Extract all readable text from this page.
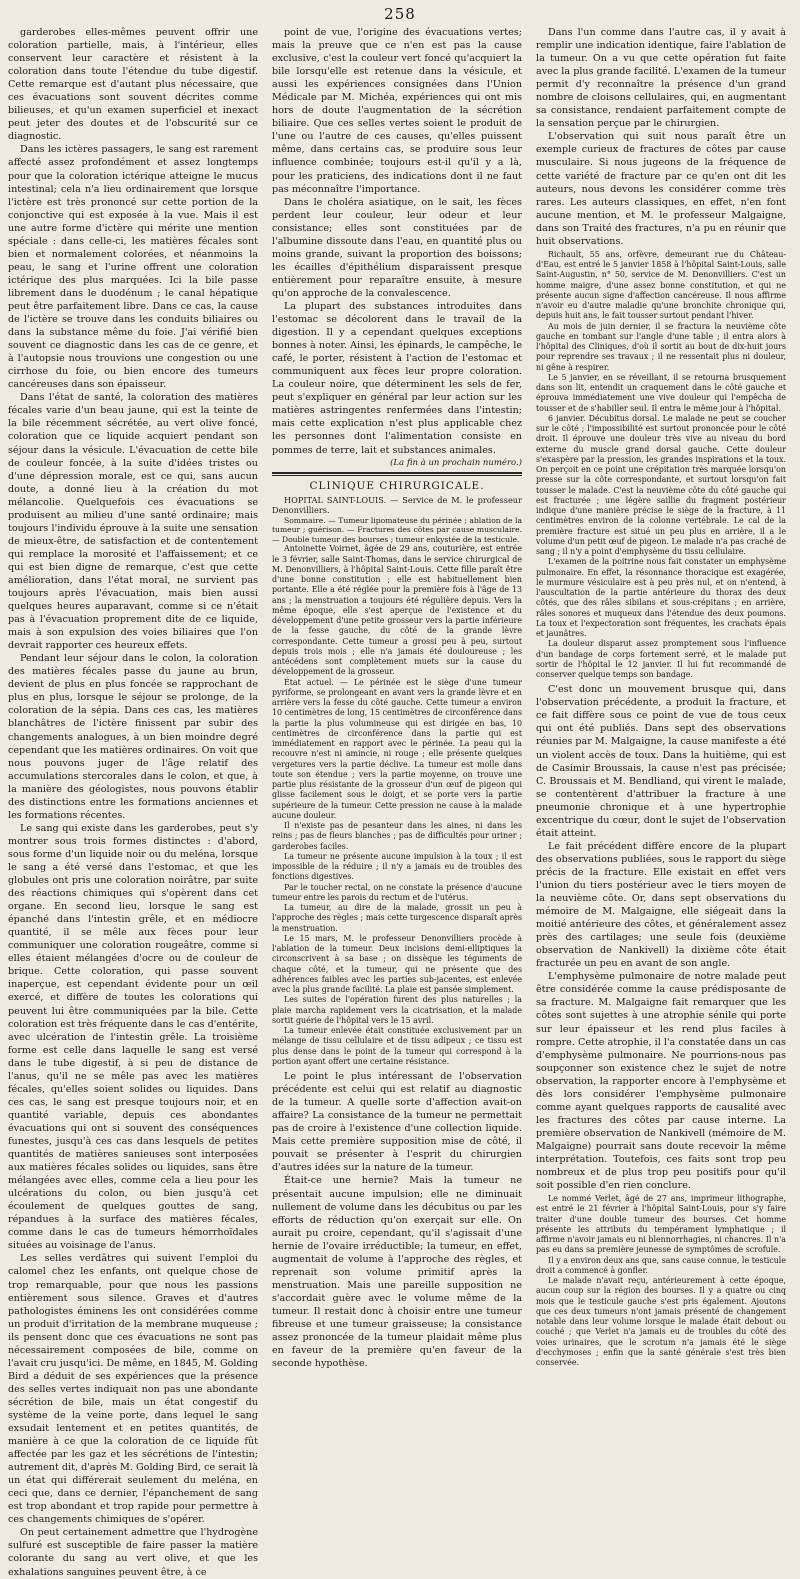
258

garderobes elles-mêmes peuvent offrir une coloration partielle, mais, à l'intérieur, elles conservent leur caractère et résistent à la coloration dans toute l'étendue du tube digestif. Cette remarque est d'autant plus nécessaire, que ces évacuations sont souvent décrites comme bilieuses, et qu'un examen superficiel et inexact peut jeter des doutes et de l'obscurité sur ce diagnostic.

Dans les ictères passagers, le sang est rarement affecté assez profondément et assez longtemps pour que la coloration ictérique atteigne le mucus intestinal; cela n'a lieu ordinairement que lorsque l'ictère est très prononcé sur cette portion de la conjonctive qui est exposée à la vue. Mais il est une autre forme d'ictère qui mérite une mention spéciale : dans celle-ci, les matières fécales sont bien et normalement colorées, et néanmoins la peau, le sang et l'urine offrent une coloration ictérique des plus marquées. Ici la bile passe librement dans le duodénum ; le canal hépatique peut être parfaitement libre. Dans ce cas, la cause de l'ictère se trouve dans les conduits biliaires ou dans la substance même du foie. J'ai vérifié bien souvent ce diagnostic dans les cas de ce genre, et à l'autopsie nous trouvions une congestion ou une cirrhose du foie, ou bien encore des tumeurs cancéreuses dans son épaisseur.

Dans l'état de santé, la coloration des matières fécales varie d'un beau jaune, qui est la teinte de la bile récemment sécrétée, au vert olive foncé, coloration que ce liquide acquiert pendant son séjour dans la vésicule. L'évacuation de cette bile de couleur foncée, à la suite d'idées tristes ou d'une dépression morale, est ce qui, sans aucun doute, a donné lieu à la création du mot mélancolie. Quelquefois ces évacuations se produisent au milieu d'une santé ordinaire; mais toujours l'individu éprouve à la suite une sensation de mieux-être, de satisfaction et de contentement qui remplace la morosité et l'affaissement; et ce qui est bien digne de remarque, c'est que cette amélioration, dans l'état moral, ne survient pas toujours après l'évacuation, mais bien aussi quelques heures auparavant, comme si ce n'était pas à l'évacuation proprement dite de ce liquide, mais à son expulsion des voies biliaires que l'on devrait rapporter ces heureux effets.

Pendant leur séjour dans le colon, la coloration des matières fécales passe du jaune au brun, devient de plus en plus foncée se rapprochant de plus en plus, lorsque le séjour se prolonge, de la coloration de la sépia. Dans ces cas, les matières blanchâtres de l'ictère finissent par subir des changements analogues, à un bien moindre degré cependant que les matières ordinaires. On voit que nous pouvons juger de l'âge relatif des accumulations stercorales dans le colon, et que, à la manière des géologistes, nous pouvons établir des distinctions entre les formations anciennes et les formations récentes.

Le sang qui existe dans les garderobes, peut s'y montrer sous trois formes distinctes : d'abord, sous forme d'un liquide noir ou du meléna, lorsque le sang a été versé dans l'estomac, et que les globules ont pris une coloration noirâtre, par suite des réactions chimiques qui s'opèrent dans cet organe. En second lieu, lorsque le sang est épanché dans l'intestin grêle, et en médiocre quantité, il se mêle aux fèces pour leur communiquer une coloration rougeâtre, comme si elles étaient mélangées d'ocre ou de couleur de brique. Cette coloration, qui passe souvent inaperçue, est cependant évidente pour un œil exercé, et diffère de toutes les colorations qui peuvent lui être communiquées par la bile. Cette coloration est très fréquente dans le cas d'entérite, avec ulcération de l'intestin grêle. La troisième forme est celle dans laquelle le sang est versé dans le tube digestif, à si peu de distance de l'anus, qu'il ne se mêle pas avec les matières fécales, qu'elles soient solides ou liquides. Dans ces cas, le sang est presque toujours noir, et en quantité variable, depuis ces abondantes évacuations qui ont si souvent des conséquences funestes, jusqu'à ces cas dans lesquels de petites quantités de matières sanieuses sont interposées aux matières fécales solides ou liquides, sans être mélangées avec elles, comme cela a lieu pour les ulcérations du colon, ou bien jusqu'à cet écoulement de quelques gouttes de sang, répandues à la surface des matières fécales, comme dans le cas de tumeurs hémorrhoïdales situées au voisinage de l'anus.

Les selles verdâtres qui suivent l'emploi du calomel chez les enfants, ont quelque chose de trop remarquable, pour que nous les passions entièrement sous silence. Graves et d'autres pathologistes éminens les ont considérées comme un produit d'irritation de la membrane muqueuse ; ils pensent donc que ces évacuations ne sont pas nécessairement composées de bile, comme on l'avait cru jusqu'ici. De même, en 1845, M. Golding Bird a déduit de ses expériences que la présence des selles vertes indiquait non pas une abondante sécrétion de bile, mais un état congestif du système de la veine porte, dans lequel le sang exsudait lentement et en petites quantités, de manière à ce que la coloration de ce liquide fût affectée par les gaz et les sécrétions de l'intestin; autrement dit, d'après M. Golding Bird, ce serait là un état qui différerait seulement du meléna, en ceci que, dans ce dernier, l'épanchement de sang est trop abondant et trop rapide pour permettre à ces changements chimiques de s'opérer.

On peut certainement admettre que l'hydrogène sulfuré est susceptible de faire passer la matière colorante du sang au vert olive, et que les exhalations sanguines peuvent être, à ce

point de vue, l'origine des évacuations vertes; mais la preuve que ce n'en est pas la cause exclusive, c'est la couleur vert foncé qu'acquiert la bile lorsqu'elle est retenue dans la vésicule, et aussi les expériences consignées dans l'Union Médicale par M. Michéa, expériences qui ont mis hors de doute l'augmentation de la sécrétion biliaire. Que ces selles vertes soient le produit de l'une ou l'autre de ces causes, qu'elles puissent même, dans certains cas, se produire sous leur influence combinée; toujours est-il qu'il y a là, pour les praticiens, des indications dont il ne faut pas méconnaître l'importance.

Dans le choléra asiatique, on le sait, les fèces perdent leur couleur, leur odeur et leur consistance; elles sont constituées par de l'albumine dissoute dans l'eau, en quantité plus ou moins grande, suivant la proportion des boissons; les écailles d'épithélium disparaissent presque entièrement pour reparaître ensuite, à mesure qu'on approche de la convalescence.

La plupart des substances introduites dans l'estomac se décolorent dans le travail de la digestion. Il y a cependant quelques exceptions bonnes à noter. Ainsi, les épinards, le campêche, le café, le porter, résistent à l'action de l'estomac et communiquent aux fèces leur propre coloration. La couleur noire, que déterminent les sels de fer, peut s'expliquer en général par leur action sur les matières astringentes renfermées dans l'intestin; mais cette explication n'est plus applicable chez les personnes dont l'alimentation consiste en pommes de terre, lait et substances animales.

(La fin à un prochain numéro.)
CLINIQUE CHIRURGICALE.

HOPITAL SAINT-LOUIS. — Service de M. le professeur Denonvilliers.

Sommaire. — Tumeur lipomateuse du périnée ; ablation de la tumeur ; guérison. — Fractures des côtes par cause musculaire. — Double tumeur des bourses ; tumeur enkystée de la testicule.

Antoinette Voirnet, âgée de 29 ans, couturière, est entrée le 3 février, salle Saint-Thomas, dans le service chirurgical de M. Denonvilliers, à l'hôpital Saint-Louis. Cette fille paraît être d'une bonne constitution ; elle est habituellement bien portante. Elle a été réglée pour la première fois à l'âge de 13 ans ; la menstruation a toujours été régulière depuis. Vers la même époque, elle s'est aperçue de l'existence et du développement d'une petite grosseur vers la partie inférieure de la fesse gauche, du côté de la grande lèvre correspondante. Cette tumeur a grossi peu à peu, surtout depuis trois mois ; elle n'a jamais été douloureuse ; les antécédens sont complètement muets sur la cause du développement de la grosseur.

État actuel. — Le périnée est le siège d'une tumeur pyriforme, se prolongeant en avant vers la grande lèvre et en arrière vers la fesse du côté gauche. Cette tumeur a environ 10 centimètres de long, 15 centimètres de circonférence dans la partie la plus volumineuse qui est dirigée en bas, 10 centimètres de circonférence dans la partie qui est immédiatement en rapport avec le périnée. La peau qui la recouvre n'est ni amincie, ni rouge ; elle présente quelques vergetures vers la partie déclive. La tumeur est molle dans toute son étendue ; vers la partie moyenne, on trouve une partie plus résistante de la grosseur d'un œuf de pigeon qui glisse facilement sous le doigt, et se porte vers la partie supérieure de la tumeur. Cette pression ne cause à la malade aucune douleur.

Il n'existe pas de pesanteur dans les aines, ni dans les reins ; pas de fleurs blanches ; pas de difficultés pour uriner ; garderobes faciles.

La tumeur ne présente aucune impulsion à la toux ; il est impossible de la réduire ; il n'y a jamais eu de troubles des fonctions digestives.

Par le toucher rectal, on ne constate la présence d'aucune tumeur entre les parois du rectum et de l'utérus.

La tumeur, au dire de la malade, grossit un peu à l'approche des règles ; mais cette turgescence disparaît après la menstruation.

Le 15 mars, M. le professeur Denonvilliers procède à l'ablation de la tumeur. Deux incisions demi-elliptiques la circonscrivent à sa base ; on dissèque les téguments de chaque côté, et la tumeur, qui ne présente que des adhérences faibles avec les parties sub-jacentes, est enlevée avec la plus grande facilité. La plaie est pansée simplement.

Les suites de l'opération furent des plus naturelles ; la plaie marcha rapidement vers la cicatrisation, et la malade sortit guérie de l'hôpital vers le 15 avril.

La tumeur enlevée était constituée exclusivement par un mélange de tissu cellulaire et de tissu adipeux ; ce tissu est plus dense dans le point de la tumeur qui correspond à la portion ayant offert une certaine résistance.

Le point le plus intéressant de l'observation précédente est celui qui est relatif au diagnostic de la tumeur. A quelle sorte d'affection avait-on affaire? La consistance de la tumeur ne permettait pas de croire à l'existence d'une collection liquide. Mais cette première supposition mise de côté, il pouvait se présenter à l'esprit du chirurgien d'autres idées sur la nature de la tumeur.

Était-ce une hernie? Mais la tumeur ne présentait aucune impulsion; elle ne diminuait nullement de volume dans les décubitus ou par les efforts de réduction qu'on exerçait sur elle. On aurait pu croire, cependant, qu'il s'agissait d'une hernie de l'ovaire irréductible; la tumeur, en effet, augmentait de volume à l'approche des règles, et reprenait son volume primitif après la menstruation. Mais une pareille supposition ne s'accordait guère avec le volume même de la tumeur. Il restait donc à choisir entre une tumeur fibreuse et une tumeur graisseuse; la consistance assez prononcée de la tumeur plaidait même plus en faveur de la première qu'en faveur de la seconde hypothèse.

Dans l'un comme dans l'autre cas, il y avait à remplir une indication identique, faire l'ablation de la tumeur. On a vu que cette opération fut faite avec la plus grande facilité. L'examen de la tumeur permit d'y reconnaître la présence d'un grand nombre de cloisons cellulaires, qui, en augmentant sa consistance, rendaient parfaitement compte de la sensation perçue par le chirurgien.

L'observation qui suit nous paraît être un exemple curieux de fractures de côtes par cause musculaire. Si nous jugeons de la fréquence de cette variété de fracture par ce qu'en ont dit les auteurs, nous devons les considérer comme très rares. Les auteurs classiques, en effet, n'en font aucune mention, et M. le professeur Malgaigne, dans son Traité des fractures, n'a pu en réunir que huit observations.

Richault, 55 ans, orfèvre, demeurant rue du Château-d'Eau, est entré le 5 janvier 1858 à l'hôpital Saint-Louis, salle Saint-Augustin, n° 50, service de M. Denonvilliers. C'est un homme maigre, d'une assez bonne constitution, et qui ne présente aucun signe d'affection cancéreuse. Il nous affirme n'avoir eu d'autre maladie qu'une bronchite chronique qui, depuis huit ans, le fait tousser surtout pendant l'hiver.

Au mois de juin dernier, il se fractura la neuvième côte gauche en tombant sur l'angle d'une table ; il entra alors à l'hôpital des Cliniques, d'où il sortit au bout de dix-huit jours pour reprendre ses travaux ; il ne ressentait plus ni douleur, ni gêne à respirer.

Le 5 janvier, en se réveillant, il se retourna brusquement dans son lit, entendit un craquement dans le côté gauche et éprouva immédiatement une vive douleur qui l'empêcha de tousser et de s'habiller seul. Il entra le même jour à l'hôpital.

6 janvier. Décubitus dorsal. Le malade ne peut se coucher sur le côté ; l'impossibilité est surtout prononcée pour le côté droit. Il éprouve une douleur très vive au niveau du bord externe du muscle grand dorsal gauche. Cette douleur s'exaspère par la pression, les grandes inspirations et la toux. On perçoit en ce point une crépitation très marquée lorsqu'on presse sur la côte correspondante, et surtout lorsqu'on fait tousser le malade. C'est la neuvième côte du côté gauche qui est fracturée ; une légère saillie du fragment postérieur indique d'une manière précise le siège de la fracture, à 11 centimètres environ de la colonne vertébrale. Le cal de la première fracture est situé un peu plus en arrière, il a le volume d'un petit œuf de pigeon. Le malade n'a pas craché de sang ; il n'y a point d'emphysème du tissu cellulaire.

L'examen de la poitrine nous fait constater un emphysème pulmonaire. En effet, la résonnance thoracique est exagérée, le murmure vésiculaire est à peu près nul, et on n'entend, à l'auscultation de la partie antérieure du thorax des deux côtés, que des râles sibilans et sous-crépitans ; en arrière, râles sonores et muqueux dans l'étendue des deux poumons. La toux et l'expectoration sont fréquentes, les crachats épais et jaunâtres.

La douleur disparut assez promptement sous l'influence d'un bandage de corps fortement serré, et le malade put sortir de l'hôpital le 12 janvier. Il lui fut recommandé de conserver quelque temps son bandage.

C'est donc un mouvement brusque qui, dans l'observation précédente, a produit la fracture, et ce fait diffère sous ce point de vue de tous ceux qui ont été publiés. Dans sept des observations réunies par M. Malgaigne, la cause manifeste a été un violent accès de toux. Dans la huitième, qui est de Casimir Broussais, la cause n'est pas précisée; C. Broussais et M. Bendliand, qui virent le malade, se contentèrent d'attribuer la fracture à une pneumonie chronique et à une hypertrophie excentrique du cœur, dont le sujet de l'observation était atteint.

Le fait précédent diffère encore de la plupart des observations publiées, sous le rapport du siège précis de la fracture. Elle existait en effet vers l'union du tiers postérieur avec le tiers moyen de la neuvième côte. Or, dans sept observations du mémoire de M. Malgaigne, elle siégeait dans la moitié antérieure des côtes, et généralement assez près des cartilages; une seule fois (deuxième observation de Nankivell) la dixième côte était fracturée un peu en avant de son angle.

L'emphysème pulmonaire de notre malade peut être considérée comme la cause prédisposante de sa fracture. M. Malgaigne fait remarquer que les côtes sont sujettes à une atrophie sénile qui porte sur leur épaisseur et les rend plus faciles à rompre. Cette atrophie, il l'a constatée dans un cas d'emphysème pulmonaire. Ne pourrions-nous pas soupçonner son existence chez le sujet de notre observation, la rapporter encore à l'emphysème et dès lors considérer l'emphysème pulmonaire comme ayant quelques rapports de causalité avec les fractures des côtes par cause interne. La première observation de Nankivell (mémoire de M. Malgaigne) pourrait sans doute recevoir la même interprétation. Toutefois, ces faits sont trop peu nombreux et de plus trop peu positifs pour qu'il soit possible d'en rien conclure.

Le nommé Verlet, âgé de 27 ans, imprimeur lithographe, est entré le 21 février à l'hôpital Saint-Louis, pour s'y faire traiter d'une double tumeur des bourses. Cet homme présente les attributs du tempérament lymphatique ; il affirme n'avoir jamais eu ni blennorrhagies, ni chancres. Il n'a pas eu dans sa première jeunesse de symptômes de scrofule.

Il y a environ deux ans que, sans cause connue, le testicule droit a commencé à gonfler.

Le malade n'avait reçu, antérieurement à cette époque, aucun coup sur la région des bourses. Il y a quatre ou cinq mois que le testicule gauche s'est pris également. Ajoutons que ces deux tumeurs n'ont jamais présenté de changement notable dans leur volume lorsque le malade était debout ou couché ; que Verlet n'a jamais eu de troubles du côté des voies urinaires, que le scrotum n'a jamais été le siège d'ecchymoses ; enfin que la santé générale s'est très bien conservée.
